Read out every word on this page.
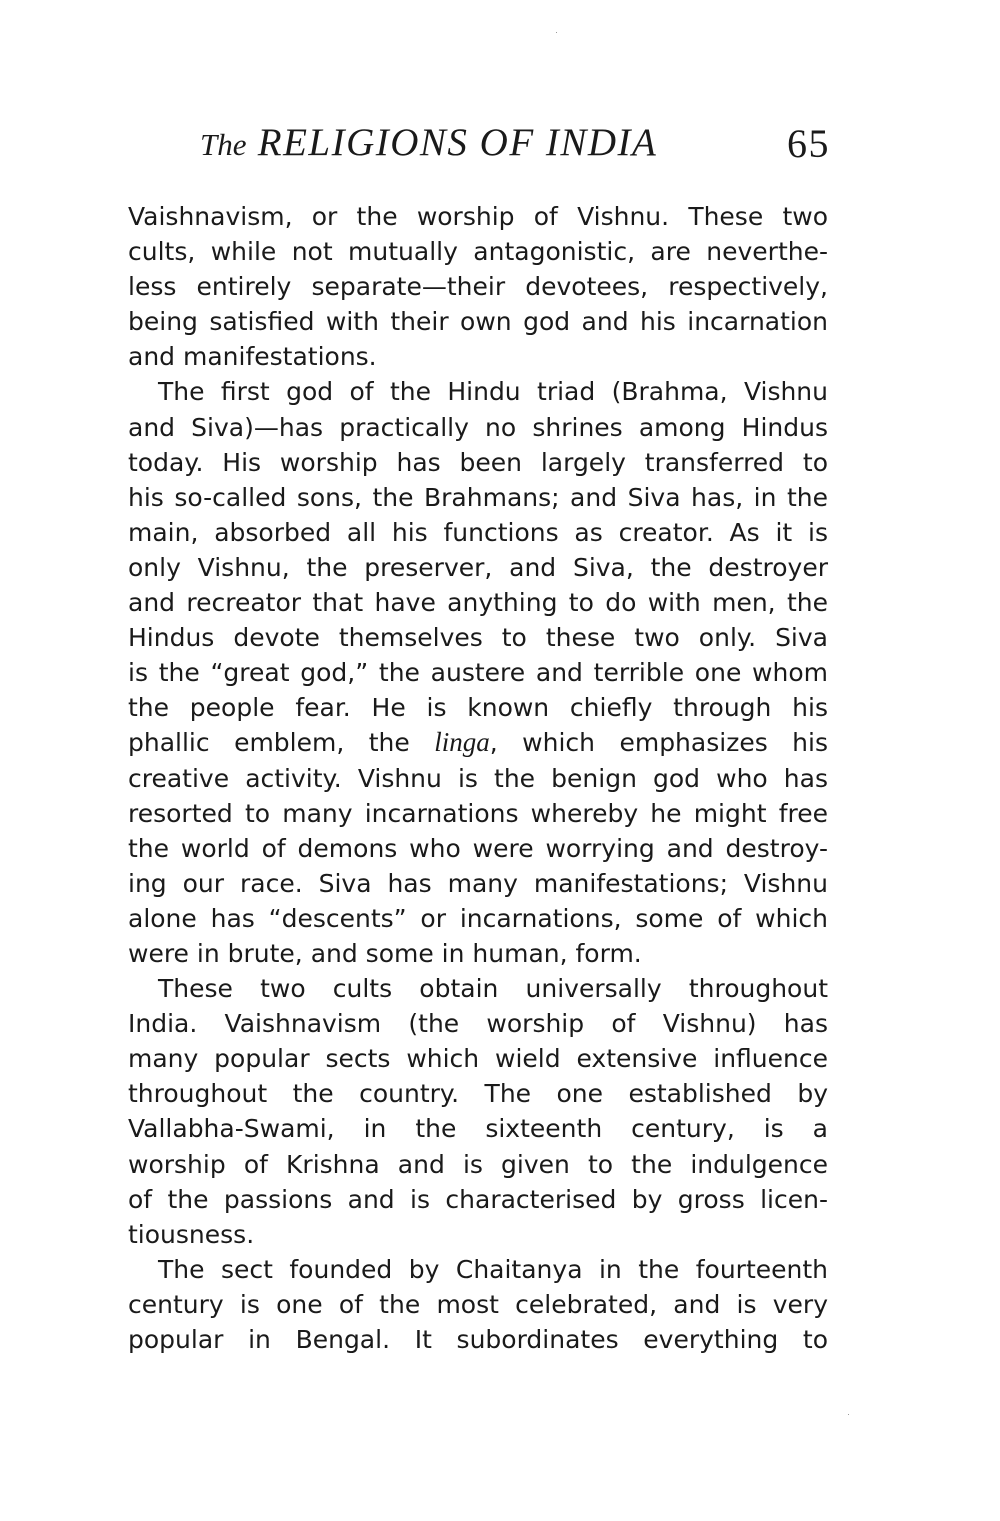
The RELIGIONS OF INDIA	65
Vaishnavism, or the worship of Vishnu. These two
cults, while not mutually antagonistic, are neverthe-
less entirely separate—their devotees, respectively,
being satisfied with their own god and his incarnation
and manifestations.
The first god of the Hindu triad (Brahma, Vishnu
and Siva)—has practically no shrines among Hindus
today. His worship has been largely transferred to
his so-called sons, the Brahmans; and Siva has, in the
main, absorbed all his functions as creator. As it is
only Vishnu, the preserver, and Siva, the destroyer
and recreator that have anything to do with men, the
Hindus devote themselves to these two only. Siva
is the “great god,” the austere and terrible one whom
the people fear. He is known chiefly through his
phallic emblem, the linga, which emphasizes his
creative activity. Vishnu is the benign god who has
resorted to many incarnations whereby he might free
the world of demons who were worrying and destroy-
ing our race. Siva has many manifestations; Vishnu
alone has “descents” or incarnations, some of which
were in brute, and some in human, form.
These two cults obtain universally throughout
India. Vaishnavism (the worship of Vishnu) has
many popular sects which wield extensive influence
throughout the country. The one established by
Vallabha-Swami, in the sixteenth century, is a
worship of Krishna and is given to the indulgence
of the passions and is characterised by gross licen-
tiousness.
The sect founded by Chaitanya in the fourteenth
century is one of the most celebrated, and is very
popular in Bengal. It subordinates everything to
